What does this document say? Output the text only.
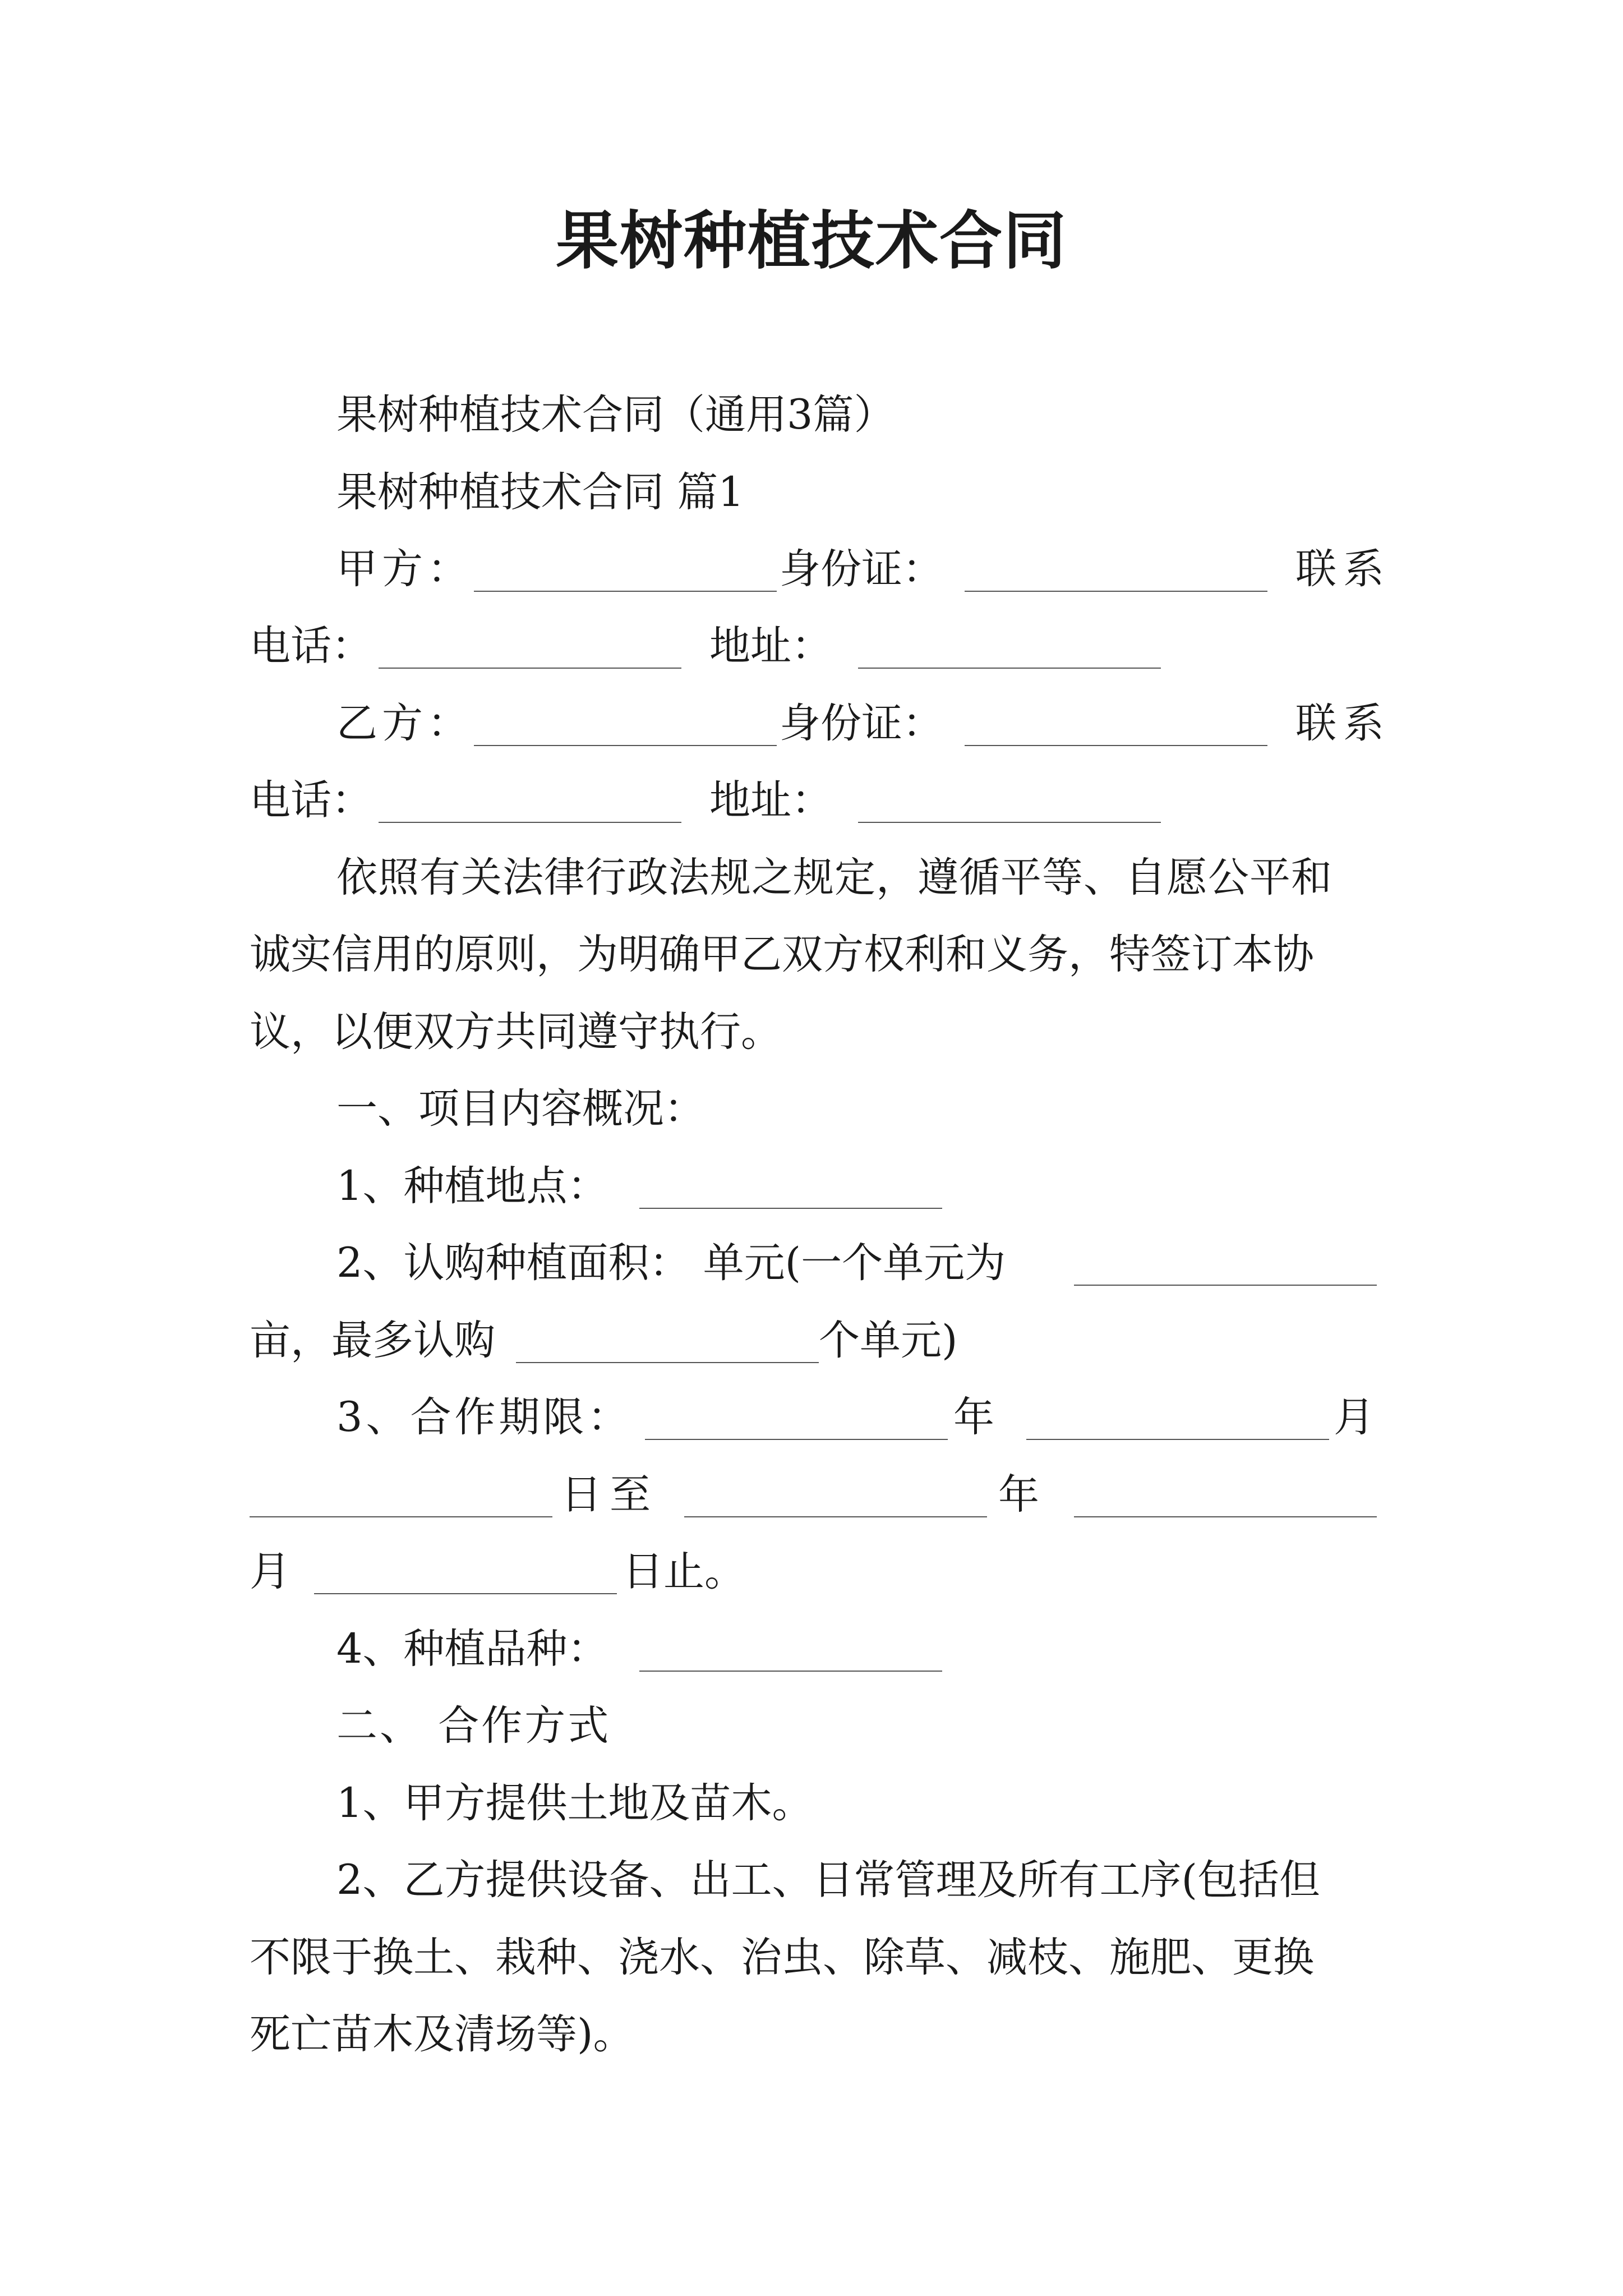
果树种植技术合同
果树种植技术合同（通用3篇）
果树种植技术合同 篇1
甲方：	身份证：	联系
电话：	地址：
乙方：	身份证：	联系
电话：	地址：
依照有关法律行政法规之规定，遵循平等、自愿公平和
诚实信用的原则，为明确甲乙双方权利和义务，特签订本协
议，以便双方共同遵守执行。
一、项目内容概况：
1、种植地点：
2、认购种植面积： 单元(一个单元为
亩，最多认购	个单元)
3、合作期限：	年	月
日至	年
月	日止。
4、种植品种：
二、 合作方式
1、甲方提供土地及苗木。
2、乙方提供设备、出工、日常管理及所有工序(包括但
不限于换土、栽种、浇水、治虫、除草、减枝、施肥、更换
死亡苗木及清场等)。
